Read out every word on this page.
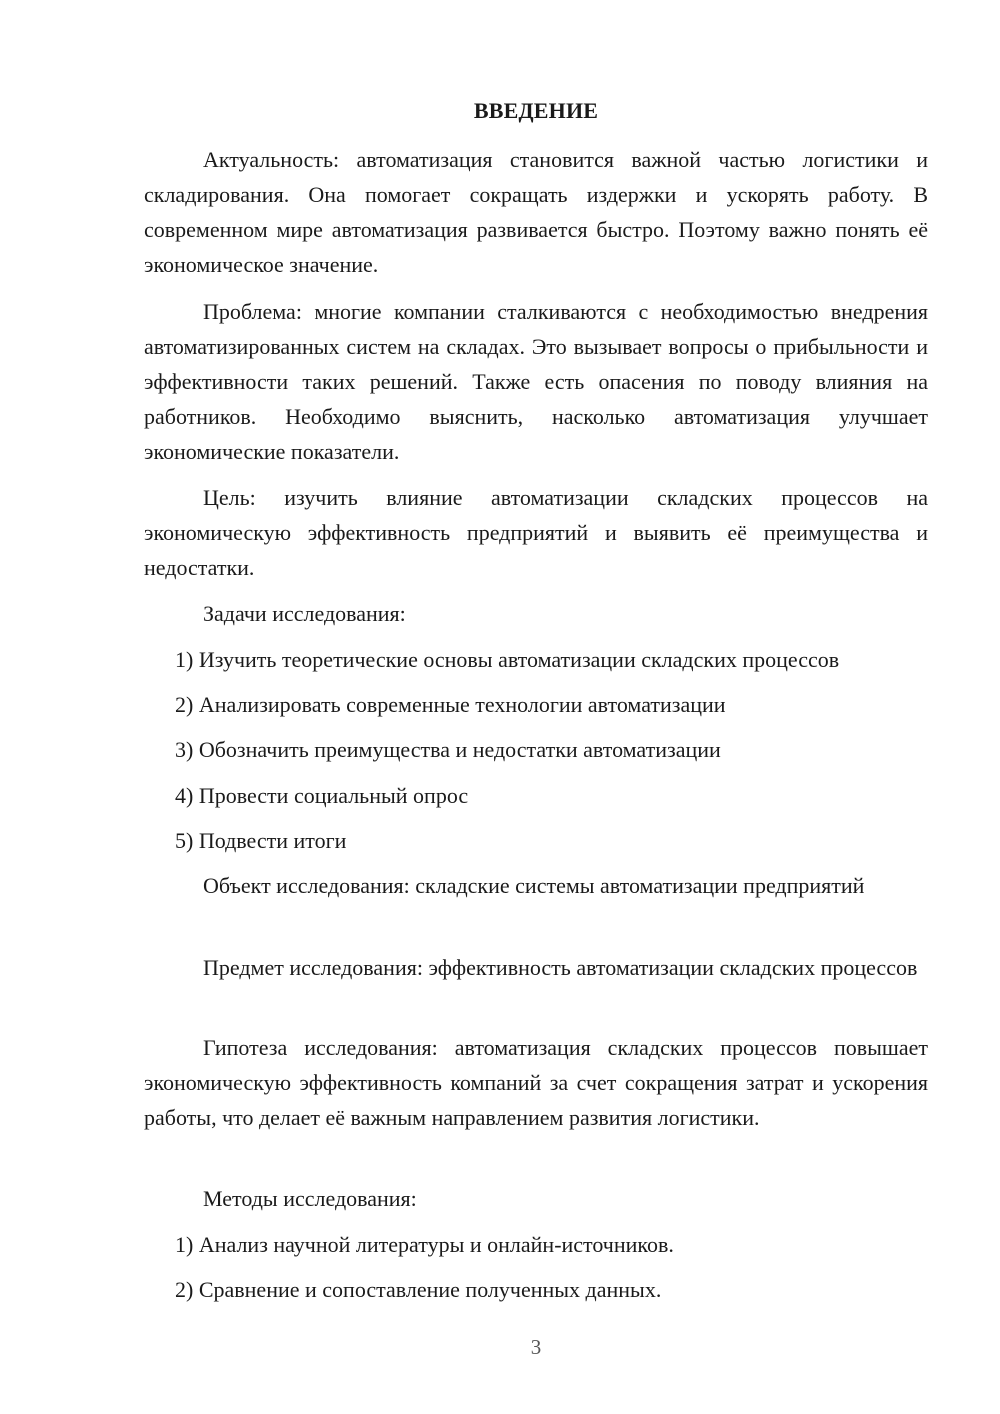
ВВЕДЕНИЕ

Актуальность: автоматизация становится важной частью логистики и складирования. Она помогает сокращать издержки и ускорять работу. В современном мире автоматизация развивается быстро. Поэтому важно понять её экономическое значение.

Проблема: многие компании сталкиваются с необходимостью внедрения автоматизированных систем на складах. Это вызывает вопросы о прибыльности и эффективности таких решений. Также есть опасения по поводу влияния на работников. Необходимо выяснить, насколько автоматизация улучшает экономические показатели.

Цель: изучить влияние автоматизации складских процессов на экономическую эффективность предприятий и выявить её преимущества и недостатки.

Задачи исследования:

1) Изучить теоретические основы автоматизации складских процессов

2) Анализировать современные технологии автоматизации

3) Обозначить преимущества и недостатки автоматизации

4) Провести социальный опрос

5) Подвести итоги

Объект исследования: складские системы автоматизации предприятий

Предмет исследования: эффективность автоматизации складских процессов

Гипотеза исследования: автоматизация складских процессов повышает экономическую эффективность компаний за счет сокращения затрат и ускорения работы, что делает её важным направлением развития логистики.

Методы исследования:

1) Анализ научной литературы и онлайн-источников.

2) Сравнение и сопоставление полученных данных.

3
